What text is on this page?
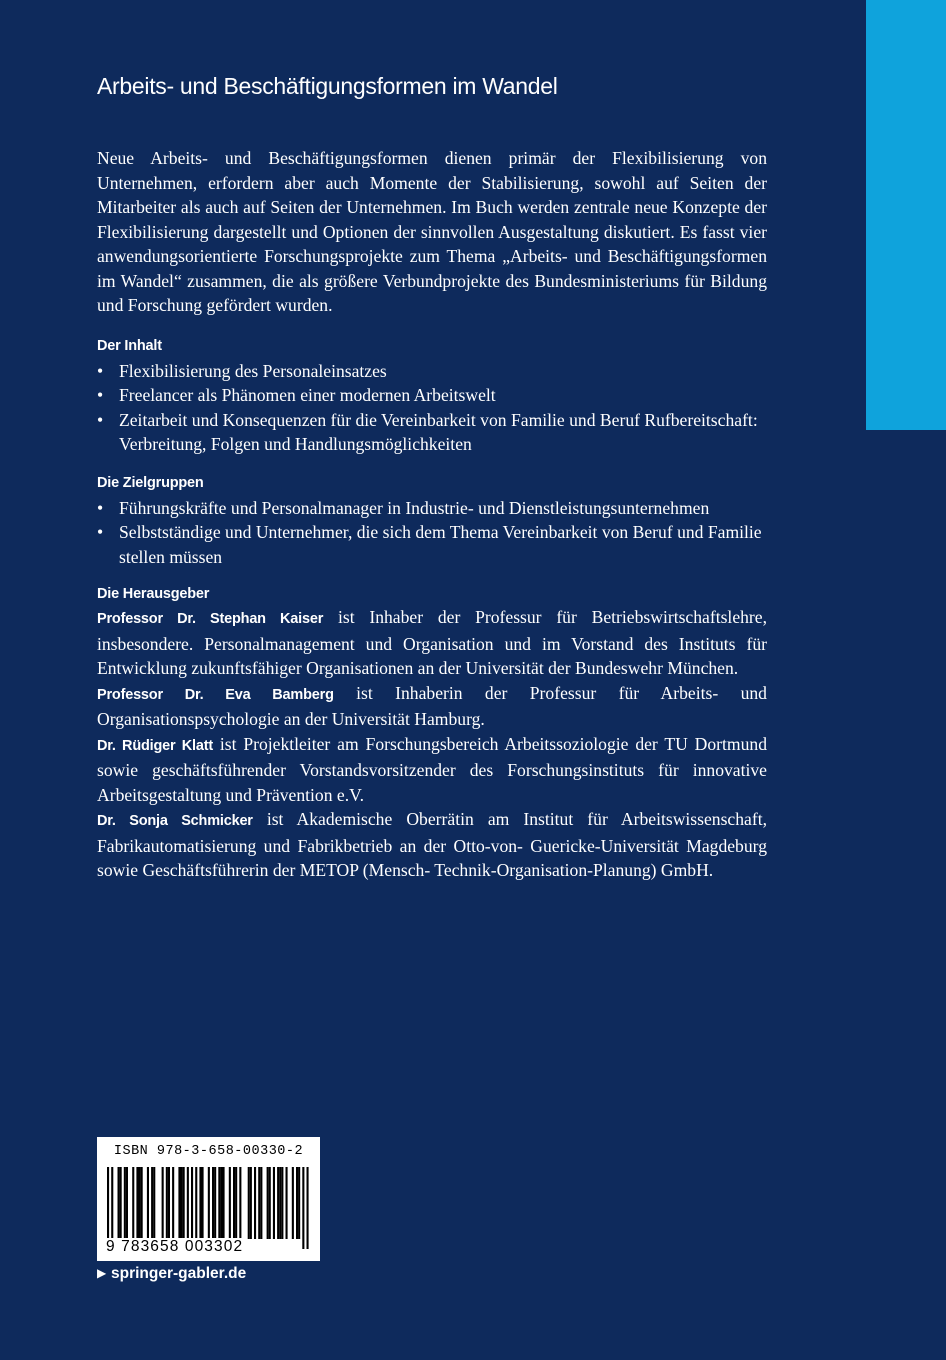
Arbeits- und Beschäftigungsformen im Wandel

Neue Arbeits- und Beschäftigungsformen dienen primär der Flexibilisierung von Unternehmen, erfordern aber auch Momente der Stabilisierung, sowohl auf Seiten der Mitarbeiter als auch auf Seiten der Unternehmen. Im Buch werden zentrale neue Konzepte der Flexibilisierung dargestellt und Optionen der sinnvollen Ausgestaltung diskutiert. Es fasst vier anwendungsorientierte Forschungsprojekte zum Thema „Arbeits- und Beschäftigungsformen im Wandel“ zusammen, die als größere Verbundprojekte des Bundesministeriums für Bildung und Forschung gefördert wurden.

Der Inhalt
• Flexibilisierung des Personaleinsatzes
• Freelancer als Phänomen einer modernen Arbeitswelt
• Zeitarbeit und Konsequenzen für die Vereinbarkeit von Familie und Beruf Rufbereitschaft: Verbreitung, Folgen und Handlungsmöglichkeiten
Die Zielgruppen
• Führungskräfte und Personalmanager in Industrie- und Dienstleistungsunternehmen
• Selbstständige und Unternehmer, die sich dem Thema Vereinbarkeit von Beruf und Familie stellen müssen
Die Herausgeber

Professor Dr. Stephan Kaiser ist Inhaber der Professur für Betriebswirtschaftslehre, insbesondere. Personalmanagement und Organisation und im Vorstand des Instituts für Entwicklung zukunftsfähiger Organisationen an der Universität der Bundeswehr München.

Professor Dr. Eva Bamberg ist Inhaberin der Professur für Arbeits- und Organisationspsychologie an der Universität Hamburg.

Dr. Rüdiger Klatt ist Projektleiter am Forschungsbereich Arbeitssoziologie der TU Dortmund sowie geschäftsführender Vorstandsvorsitzender des Forschungsinstituts für innovative Arbeitsgestaltung und Prävention e.V.

Dr. Sonja Schmicker ist Akademische Oberrätin am Institut für Arbeitswissenschaft, Fabrikautomatisierung und Fabrikbetrieb an der Otto-von- Guericke-Universität Magdeburg sowie Geschäftsführerin der METOP (Mensch- Technik-Organisation-Planung) GmbH.

ISBN 978-3-658-00330-2
9 783658 003302
▶ springer-gabler.de
